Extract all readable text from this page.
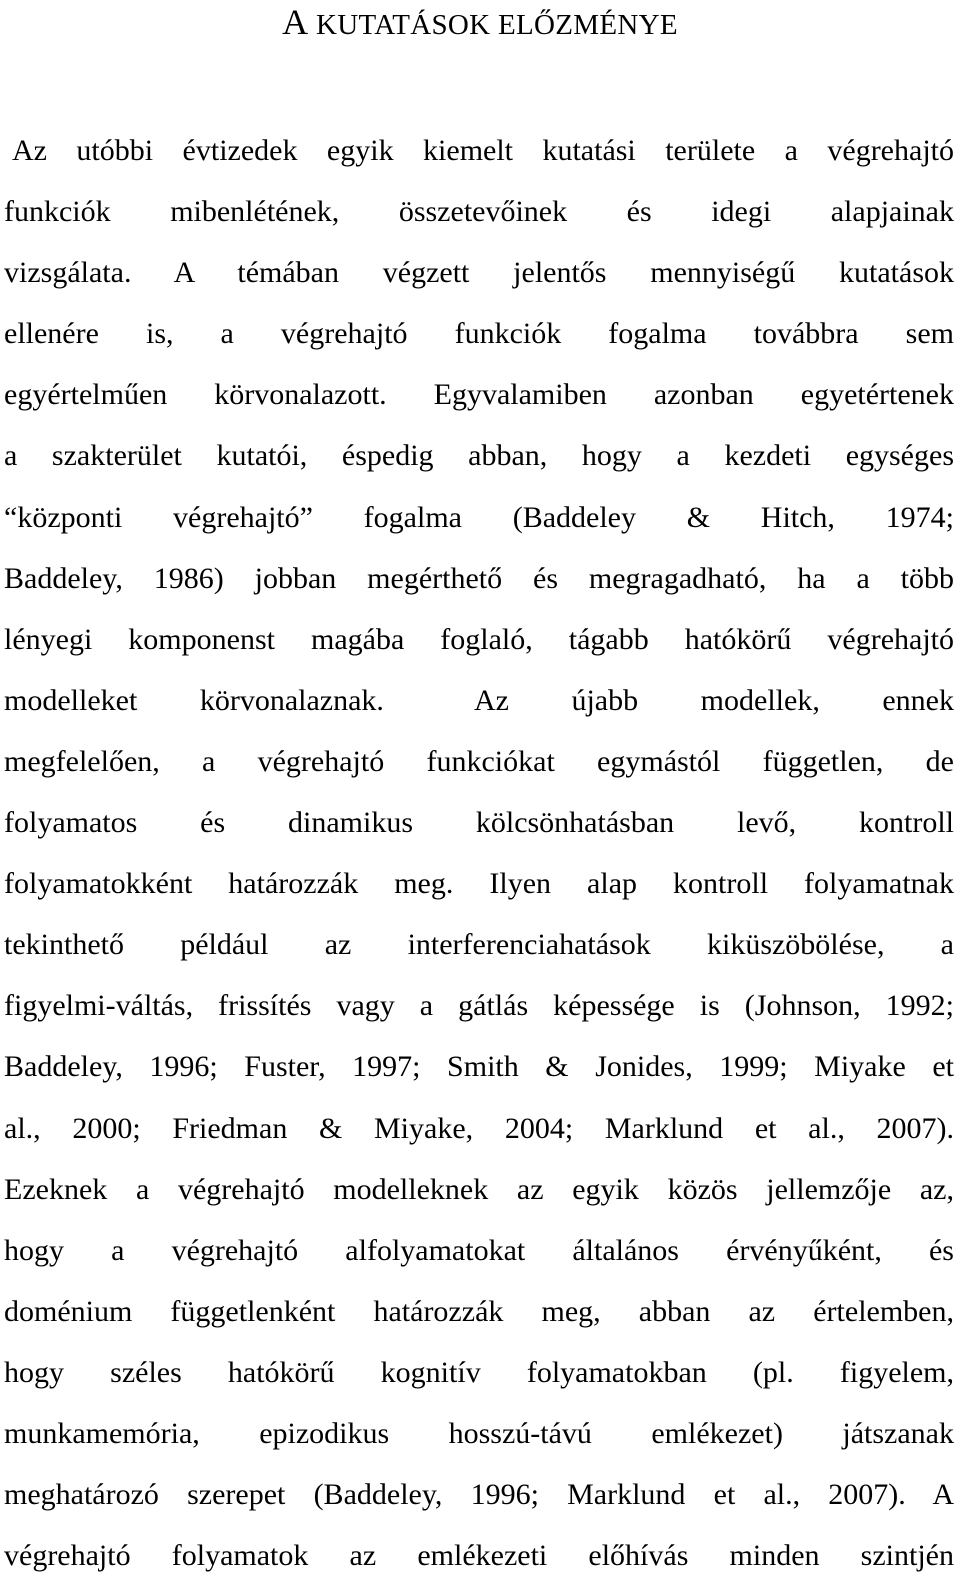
A KUTATÁSOK ELŐZMÉNYE
Az utóbbi évtizedek egyik kiemelt kutatási területe a végrehajtó
funkciók mibenlétének, összetevőinek és idegi alapjainak
vizsgálata. A témában végzett jelentős mennyiségű kutatások
ellenére is, a végrehajtó funkciók fogalma továbbra sem
egyértelműen körvonalazott. Egyvalamiben azonban egyetértenek
a szakterület kutatói, éspedig abban, hogy a kezdeti egységes
“központi végrehajtó” fogalma (Baddeley & Hitch, 1974;
Baddeley, 1986) jobban megérthető és megragadható, ha a több
lényegi komponenst magába foglaló, tágabb hatókörű végrehajtó
modelleket körvonalaznak.	Az újabb modellek, ennek
megfelelően, a végrehajtó funkciókat egymástól független, de
folyamatos és dinamikus kölcsönhatásban levő, kontroll
folyamatokként határozzák meg. Ilyen alap kontroll folyamatnak
tekinthető például az interferenciahatások kiküszöbölése, a
figyelmi-váltás, frissítés vagy a gátlás képessége is (Johnson, 1992;
Baddeley, 1996; Fuster, 1997; Smith & Jonides, 1999; Miyake et
al., 2000; Friedman & Miyake, 2004; Marklund et al., 2007).
Ezeknek a végrehajtó modelleknek az egyik közös jellemzője az,
hogy a végrehajtó alfolyamatokat általános érvényűként, és
doménium függetlenként határozzák meg, abban az értelemben,
hogy széles hatókörű kognitív folyamatokban (pl. figyelem,
munkamemória, epizodikus hosszú-távú emlékezet) játszanak
meghatározó szerepet (Baddeley, 1996; Marklund et al., 2007). A
végrehajtó folyamatok az emlékezeti előhívás minden szintjén
